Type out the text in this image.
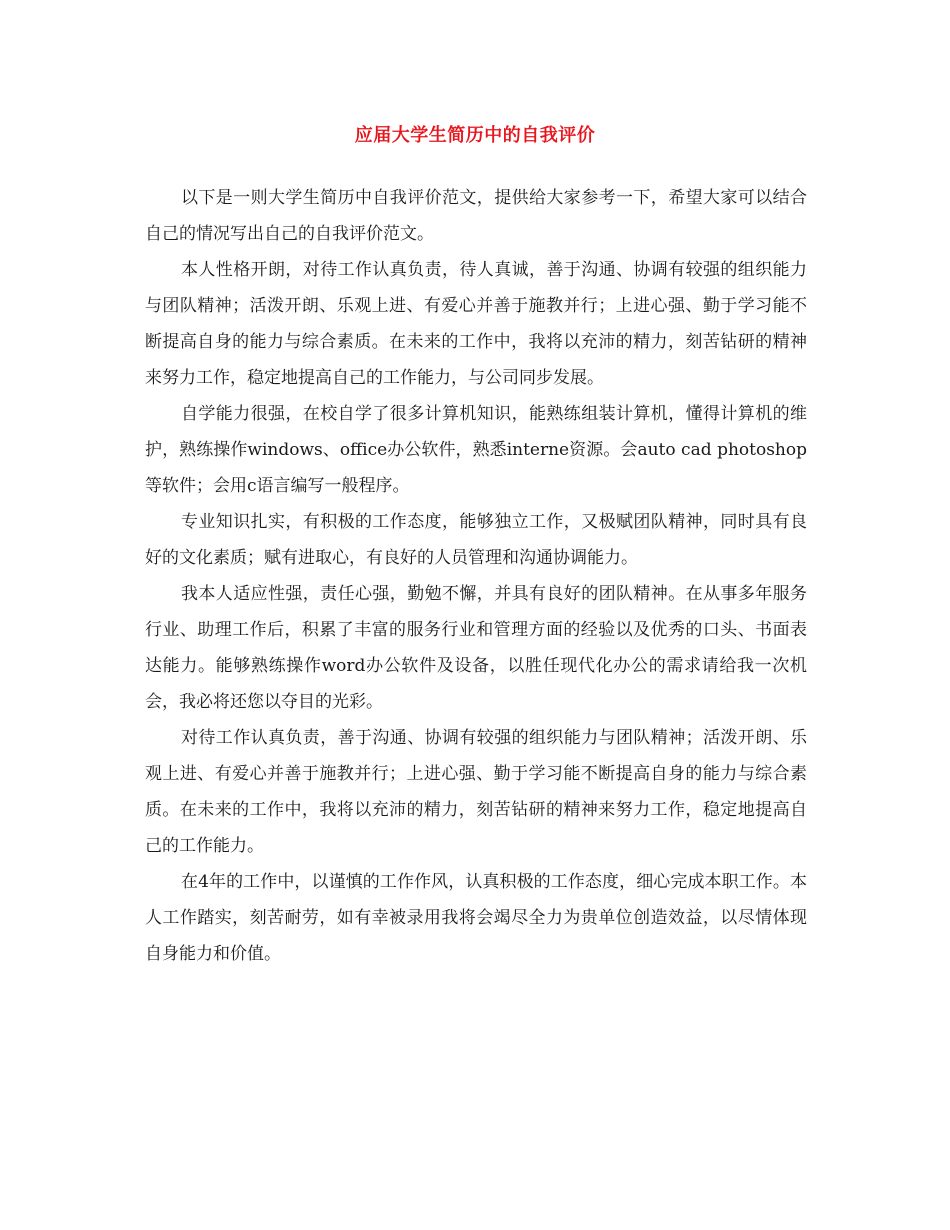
应届大学生简历中的自我评价

以下是一则大学生简历中自我评价范文，提供给大家参考一下，希望大家可以结合自己的情况写出自己的自我评价范文。

本人性格开朗，对待工作认真负责，待人真诚，善于沟通、协调有较强的组织能力与团队精神；活泼开朗、乐观上进、有爱心并善于施教并行；上进心强、勤于学习能不断提高自身的能力与综合素质。在未来的工作中，我将以充沛的精力，刻苦钻研的精神来努力工作，稳定地提高自己的工作能力，与公司同步发展。

自学能力很强，在校自学了很多计算机知识，能熟练组装计算机，懂得计算机的维护，熟练操作windows、office办公软件，熟悉interne资源。会auto cad photoshop 等软件；会用c语言编写一般程序。

专业知识扎实，有积极的工作态度，能够独立工作，又极赋团队精神，同时具有良好的文化素质；赋有进取心，有良好的人员管理和沟通协调能力。

我本人适应性强，责任心强，勤勉不懈，并具有良好的团队精神。在从事多年服务行业、助理工作后，积累了丰富的服务行业和管理方面的经验以及优秀的口头、书面表达能力。能够熟练操作word办公软件及设备，以胜任现代化办公的需求请给我一次机会，我必将还您以夺目的光彩。

对待工作认真负责，善于沟通、协调有较强的组织能力与团队精神；活泼开朗、乐观上进、有爱心并善于施教并行；上进心强、勤于学习能不断提高自身的能力与综合素质。在未来的工作中，我将以充沛的精力，刻苦钻研的精神来努力工作，稳定地提高自己的工作能力。

在4年的工作中，以谨慎的工作作风，认真积极的工作态度，细心完成本职工作。本人工作踏实，刻苦耐劳，如有幸被录用我将会竭尽全力为贵单位创造效益，以尽情体现自身能力和价值。
